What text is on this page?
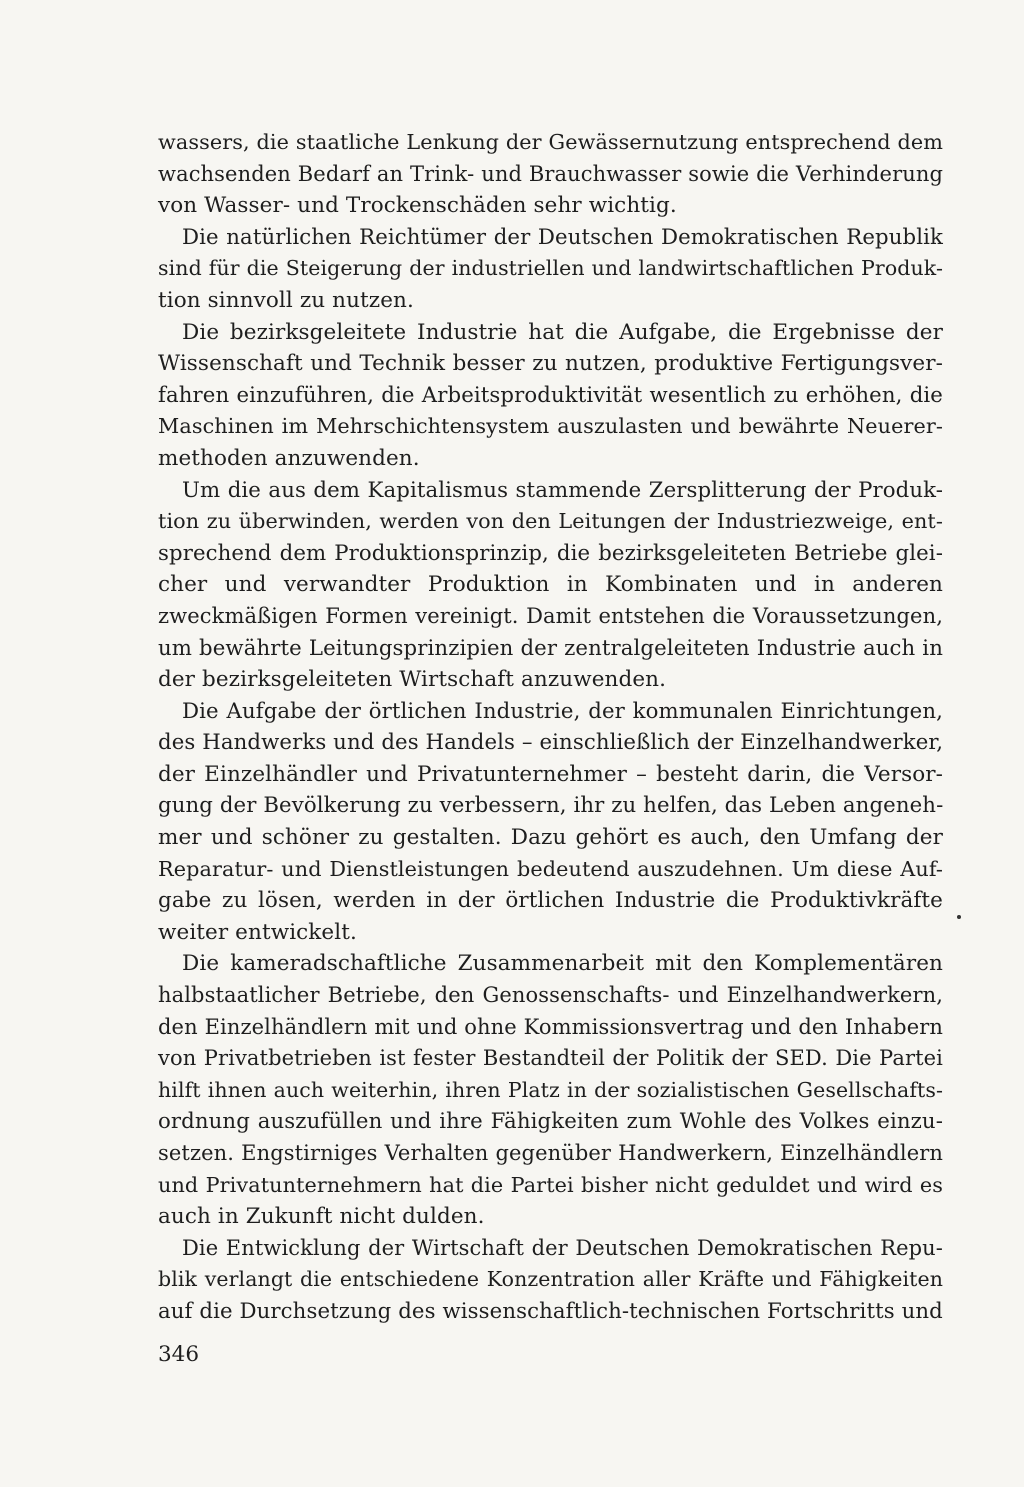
wassers, die staatliche Lenkung der Gewässernutzung entsprechend dem
wachsenden Bedarf an Trink- und Brauchwasser sowie die Verhinderung
von Wasser- und Trockenschäden sehr wichtig.
Die natürlichen Reichtümer der Deutschen Demokratischen Republik
sind für die Steigerung der industriellen und landwirtschaftlichen Produk-
tion sinnvoll zu nutzen.
Die bezirksgeleitete Industrie hat die Aufgabe, die Ergebnisse der
Wissenschaft und Technik besser zu nutzen, produktive Fertigungsver-
fahren einzuführen, die Arbeitsproduktivität wesentlich zu erhöhen, die
Maschinen im Mehrschichtensystem auszulasten und bewährte Neuerer-
methoden anzuwenden.
Um die aus dem Kapitalismus stammende Zersplitterung der Produk-
tion zu überwinden, werden von den Leitungen der Industriezweige, ent-
sprechend dem Produktionsprinzip, die bezirksgeleiteten Betriebe glei-
cher und verwandter Produktion in Kombinaten und in anderen
zweckmäßigen Formen vereinigt. Damit entstehen die Voraussetzungen,
um bewährte Leitungsprinzipien der zentralgeleiteten Industrie auch in
der bezirksgeleiteten Wirtschaft anzuwenden.
Die Aufgabe der örtlichen Industrie, der kommunalen Einrichtungen,
des Handwerks und des Handels – einschließlich der Einzelhandwerker,
der Einzelhändler und Privatunternehmer – besteht darin, die Versor-
gung der Bevölkerung zu verbessern, ihr zu helfen, das Leben angeneh-
mer und schöner zu gestalten. Dazu gehört es auch, den Umfang der
Reparatur- und Dienstleistungen bedeutend auszudehnen. Um diese Auf-
gabe zu lösen, werden in der örtlichen Industrie die Produktivkräfte
weiter entwickelt.
Die kameradschaftliche Zusammenarbeit mit den Komplementären
halbstaatlicher Betriebe, den Genossenschafts- und Einzelhandwerkern,
den Einzelhändlern mit und ohne Kommissionsvertrag und den Inhabern
von Privatbetrieben ist fester Bestandteil der Politik der SED. Die Partei
hilft ihnen auch weiterhin, ihren Platz in der sozialistischen Gesellschafts-
ordnung auszufüllen und ihre Fähigkeiten zum Wohle des Volkes einzu-
setzen. Engstirniges Verhalten gegenüber Handwerkern, Einzelhändlern
und Privatunternehmern hat die Partei bisher nicht geduldet und wird es
auch in Zukunft nicht dulden.
Die Entwicklung der Wirtschaft der Deutschen Demokratischen Repu-
blik verlangt die entschiedene Konzentration aller Kräfte und Fähigkeiten
auf die Durchsetzung des wissenschaftlich-technischen Fortschritts und
346
